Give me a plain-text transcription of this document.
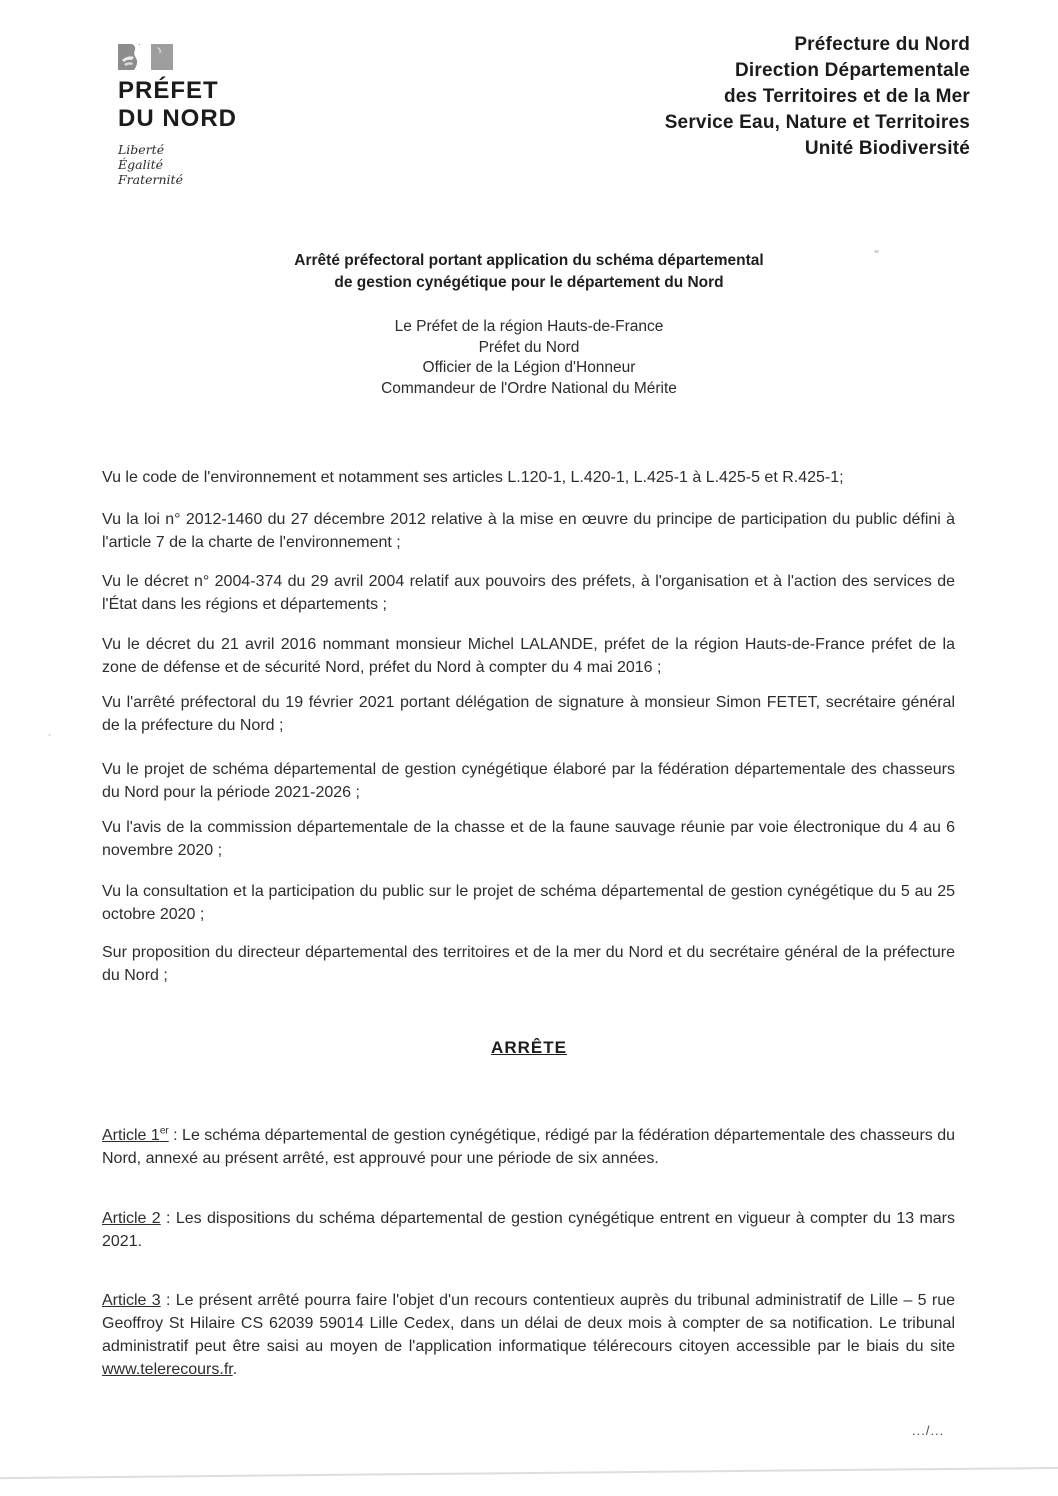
PRÉFET
DU NORD
Liberté
Égalité
Fraternité
Préfecture du Nord
Direction Départementale
des Territoires et de la Mer
Service Eau, Nature et Territoires
Unité Biodiversité
Arrêté préfectoral portant application du schéma départemental
de gestion cynégétique pour le département du Nord
Le Préfet de la région Hauts-de-France
Préfet du Nord
Officier de la Légion d'Honneur
Commandeur de l'Ordre National du Mérite

Vu le code de l'environnement et notamment ses articles L.120-1, L.420-1, L.425-1 à L.425-5 et R.425-1;

Vu la loi n° 2012-1460 du 27 décembre 2012 relative à la mise en œuvre du principe de participation du public défini à l'article 7 de la charte de l'environnement ;

Vu le décret n° 2004-374 du 29 avril 2004 relatif aux pouvoirs des préfets, à l'organisation et à l'action des services de l'État dans les régions et départements ;

Vu le décret du 21 avril 2016 nommant monsieur Michel LALANDE, préfet de la région Hauts-de-France préfet de la zone de défense et de sécurité Nord, préfet du Nord à compter du 4 mai 2016 ;

Vu l'arrêté préfectoral du 19 février 2021 portant délégation de signature à monsieur Simon FETET, secrétaire général de la préfecture du Nord ;

Vu le projet de schéma départemental de gestion cynégétique élaboré par la fédération départementale des chasseurs du Nord pour la période 2021-2026 ;

Vu l'avis de la commission départementale de la chasse et de la faune sauvage réunie par voie électronique du 4 au 6 novembre 2020 ;

Vu la consultation et la participation du public sur le projet de schéma départemental de gestion cynégétique du 5 au 25 octobre 2020 ;

Sur proposition du directeur départemental des territoires et de la mer du Nord et du secrétaire général de la préfecture du Nord ;

ARRÊTE

Article 1er : Le schéma départemental de gestion cynégétique, rédigé par la fédération départementale des chasseurs du Nord, annexé au présent arrêté, est approuvé pour une période de six années.

Article 2 : Les dispositions du schéma départemental de gestion cynégétique entrent en vigueur à compter du 13 mars 2021.

Article 3 : Le présent arrêté pourra faire l'objet d'un recours contentieux auprès du tribunal administratif de Lille – 5 rue Geoffroy St Hilaire CS 62039 59014 Lille Cedex, dans un délai de deux mois à compter de sa notification. Le tribunal administratif peut être saisi au moyen de l'application informatique télérecours citoyen accessible par le biais du site www.telerecours.fr.

.../...
´
